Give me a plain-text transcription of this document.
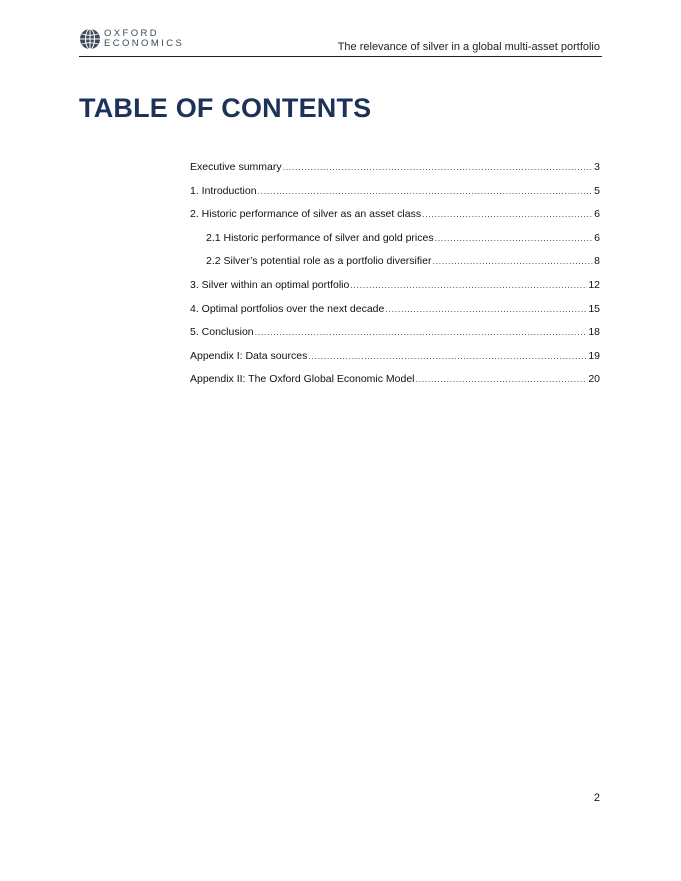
OXFORD
ECONOMICS	The relevance of silver in a global multi-asset portfolio
TABLE OF CONTENTS
Executive summary .....	3
1. Introduction .....	5
2. Historic performance of silver as an asset class .....	6
2.1 Historic performance of silver and gold prices .....	6
2.2 Silver’s potential role as a portfolio diversifier .....	8
3. Silver within an optimal portfolio .....	12
4. Optimal portfolios over the next decade .....	15
5. Conclusion .....	18
Appendix I: Data sources .....	19
Appendix II: The Oxford Global Economic Model .....	20
2
